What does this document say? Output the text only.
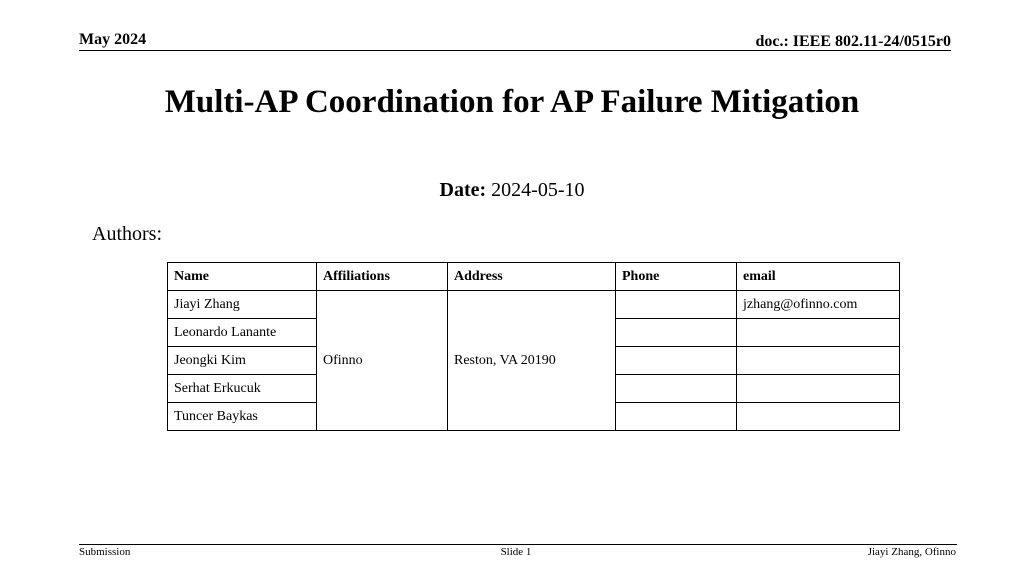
May 2024	doc.: IEEE 802.11-24/0515r0
Multi-AP Coordination for AP Failure Mitigation
Date: 2024-05-10
Authors:
Name	Affiliations	Address	Phone	email
Jiayi Zhang	Ofinno	Reston, VA 20190		jzhang@ofinno.com
Leonardo Lanante				
Jeongki Kim				
Serhat Erkucuk				
Tuncer Baykas				
Submission	Slide 1	Jiayi Zhang, Ofinno
